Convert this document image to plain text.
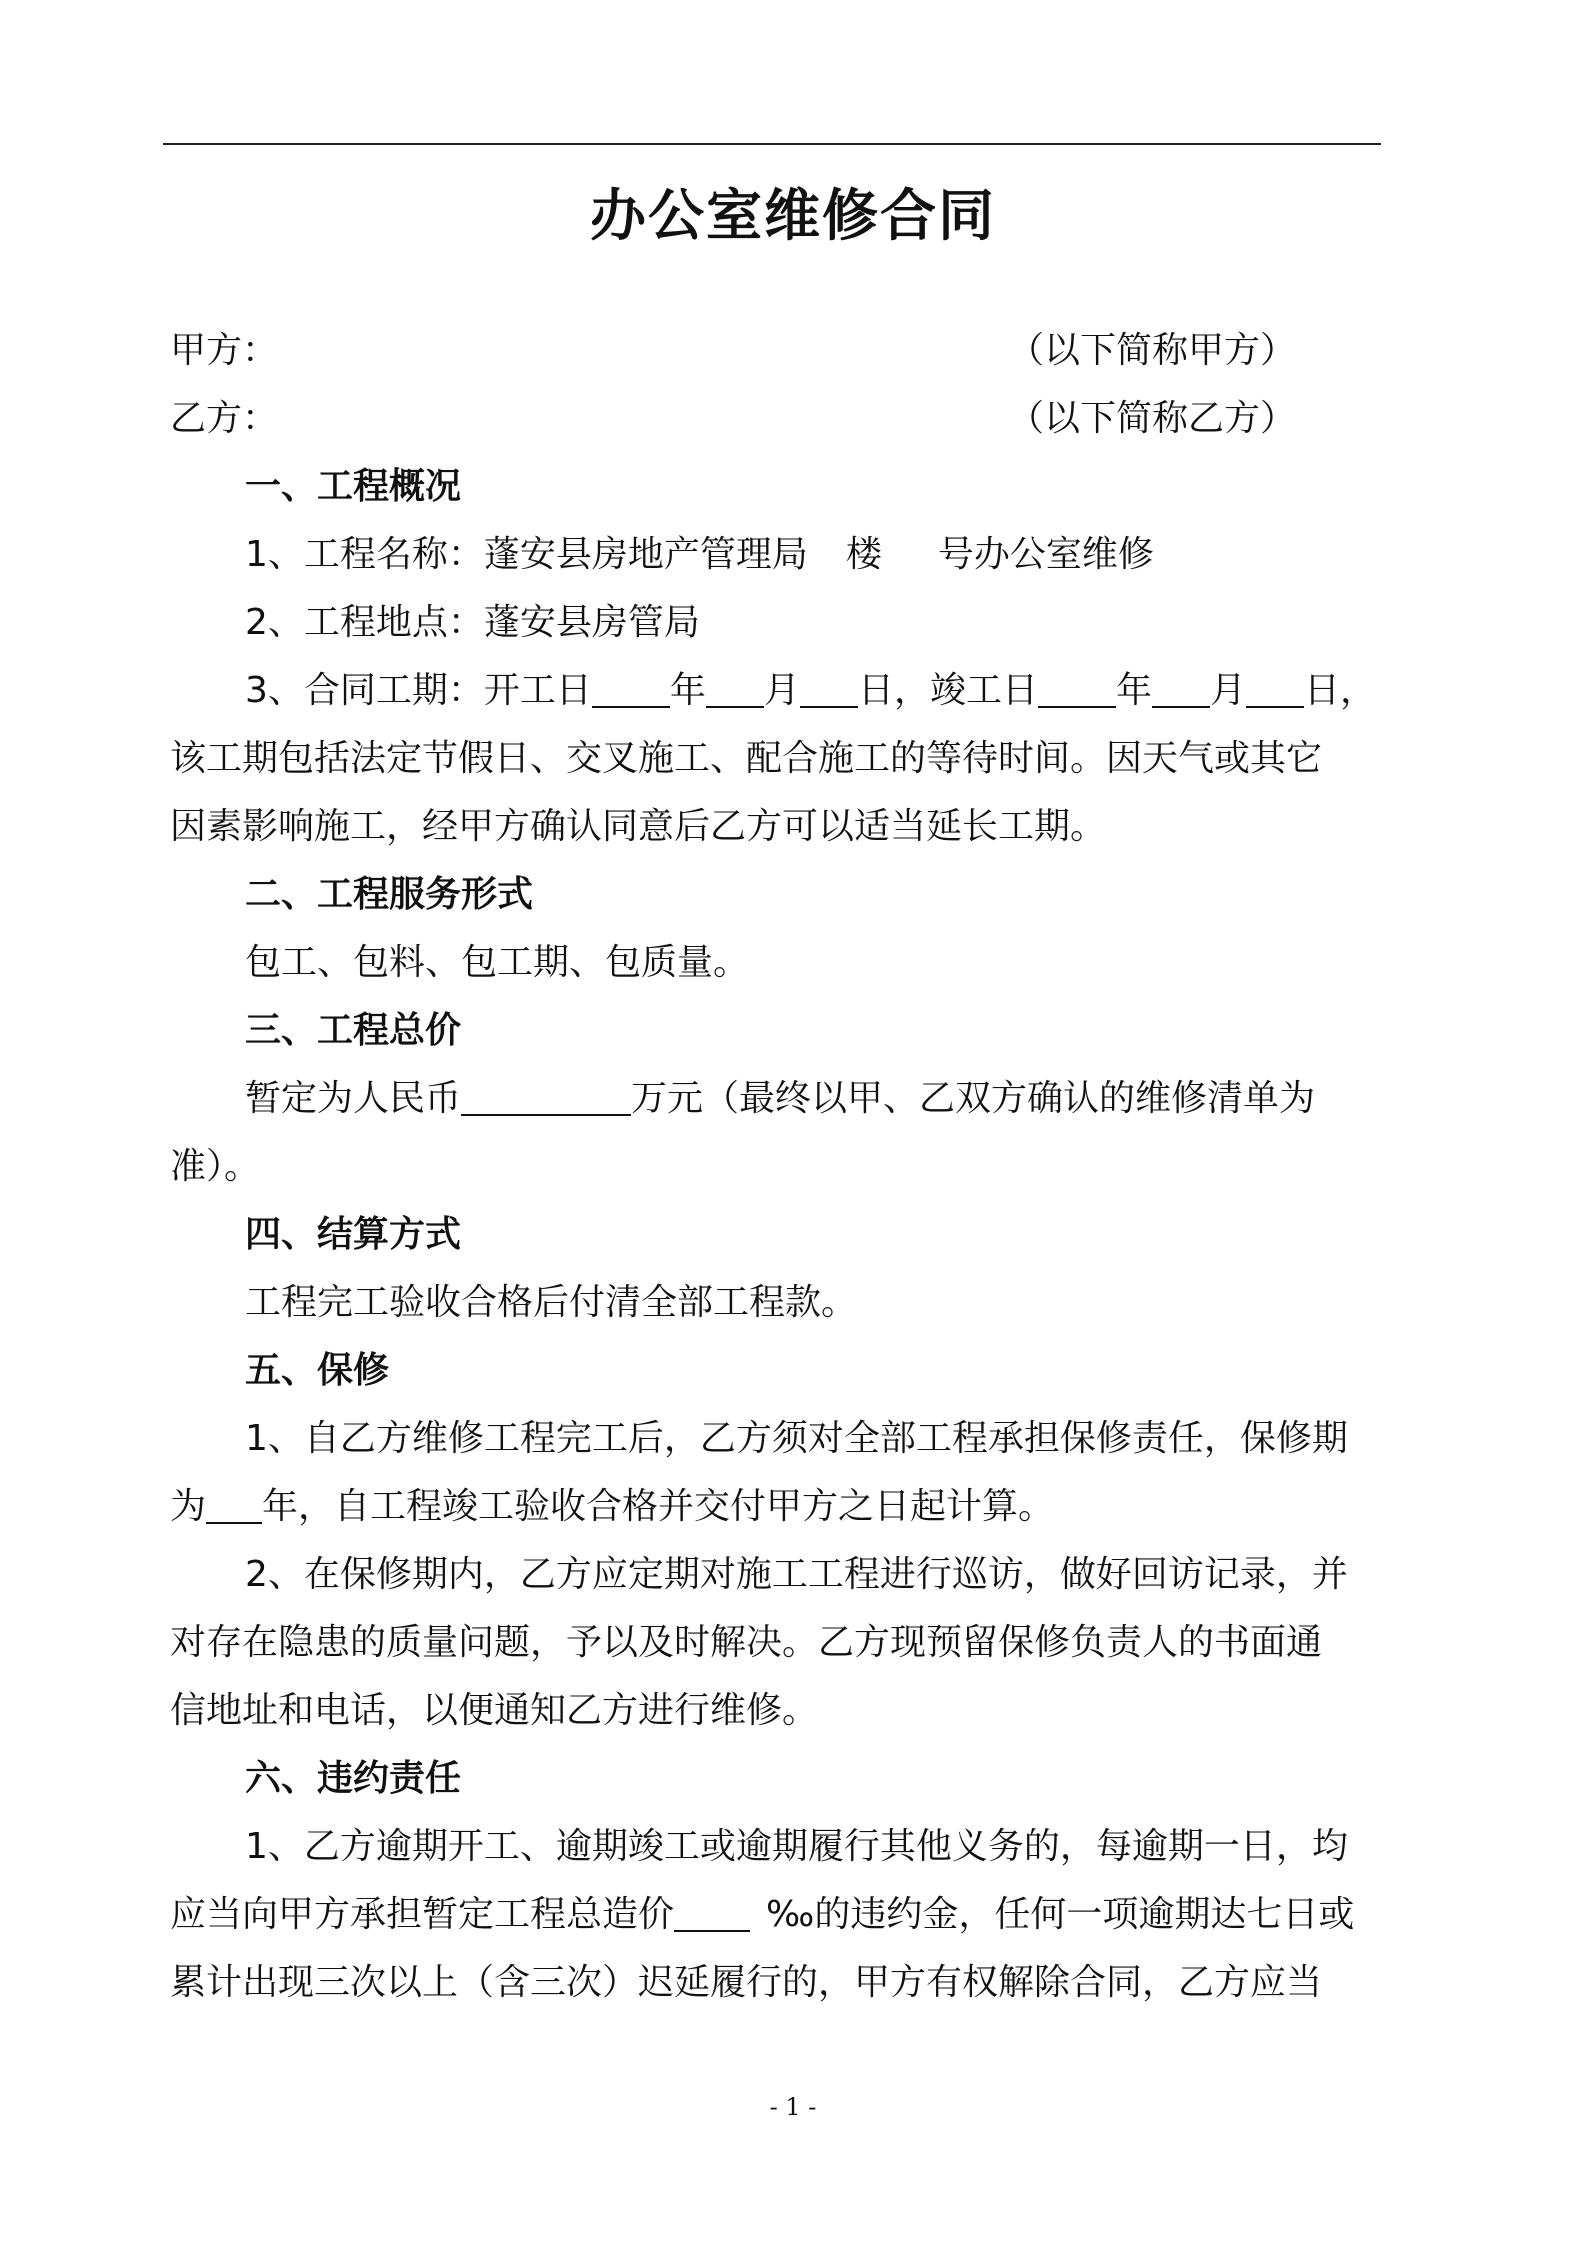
办公室维修合同
甲方：	（以下简称甲方）
乙方：	（以下简称乙方）
一、工程概况
1、工程名称：蓬安县房地产管理局 楼 号办公室维修
2、工程地点：蓬安县房管局
3、合同工期：开工日 年 月 日，竣工日 年 月 日，
该工期包括法定节假日、交叉施工、配合施工的等待时间。因天气或其它
因素影响施工，经甲方确认同意后乙方可以适当延长工期。
二、工程服务形式
包工、包料、包工期、包质量。
三、工程总价
暂定为人民币	万元（最终以甲、乙双方确认的维修清单为
准）。
四、结算方式
工程完工验收合格后付清全部工程款。
五、保修
1、自乙方维修工程完工后，乙方须对全部工程承担保修责任，保修期
为 年，自工程竣工验收合格并交付甲方之日起计算。
2、在保修期内，乙方应定期对施工工程进行巡访，做好回访记录，并
对存在隐患的质量问题，予以及时解决。乙方现预留保修负责人的书面通
信地址和电话，以便通知乙方进行维修。
六、违约责任
1、乙方逾期开工、逾期竣工或逾期履行其他义务的，每逾期一日，均
应当向甲方承担暂定工程总造价	‰的违约金，任何一项逾期达七日或
累计出现三次以上（含三次）迟延履行的，甲方有权解除合同，乙方应当
- 1 -
